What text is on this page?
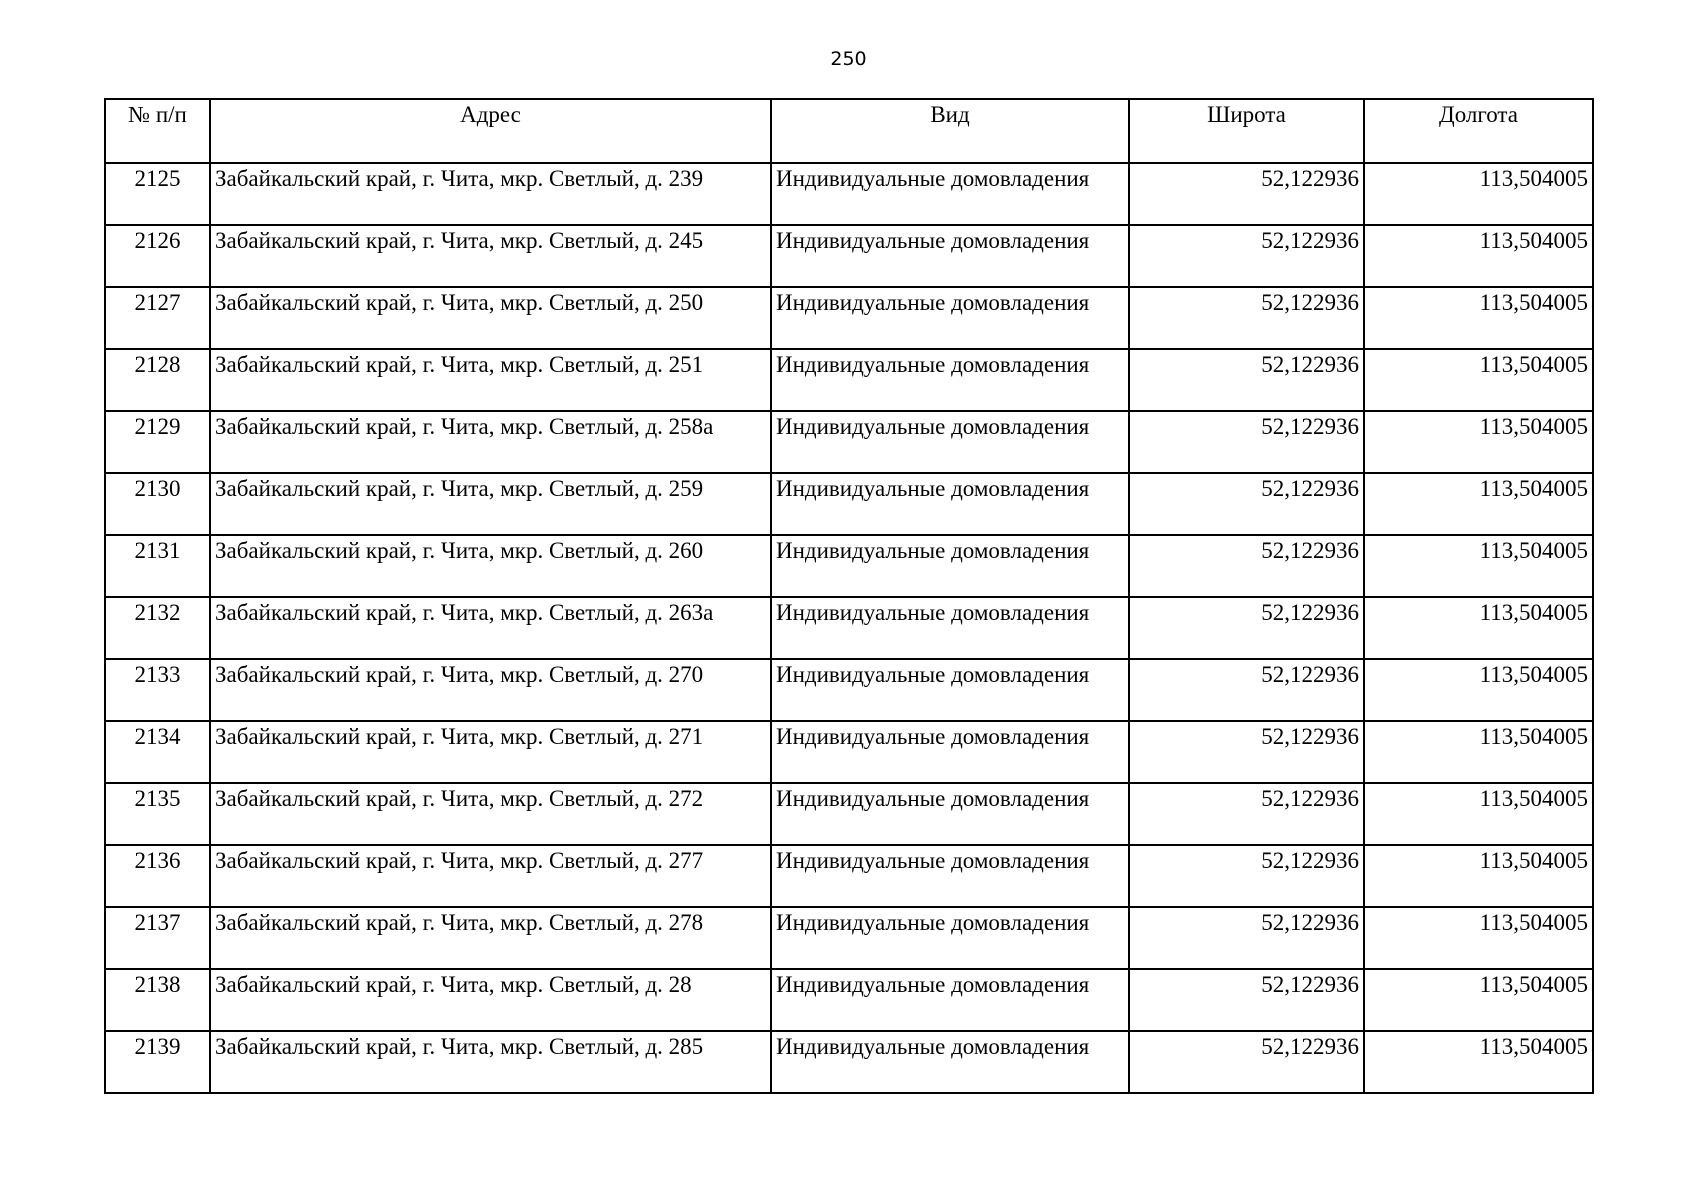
250
№ п/п	Адрес	Вид	Широта	Долгота
2125	Забайкальский край, г. Чита, мкр. Светлый, д. 239	Индивидуальные домовладения	52,122936	113,504005
2126	Забайкальский край, г. Чита, мкр. Светлый, д. 245	Индивидуальные домовладения	52,122936	113,504005
2127	Забайкальский край, г. Чита, мкр. Светлый, д. 250	Индивидуальные домовладения	52,122936	113,504005
2128	Забайкальский край, г. Чита, мкр. Светлый, д. 251	Индивидуальные домовладения	52,122936	113,504005
2129	Забайкальский край, г. Чита, мкр. Светлый, д. 258а	Индивидуальные домовладения	52,122936	113,504005
2130	Забайкальский край, г. Чита, мкр. Светлый, д. 259	Индивидуальные домовладения	52,122936	113,504005
2131	Забайкальский край, г. Чита, мкр. Светлый, д. 260	Индивидуальные домовладения	52,122936	113,504005
2132	Забайкальский край, г. Чита, мкр. Светлый, д. 263а	Индивидуальные домовладения	52,122936	113,504005
2133	Забайкальский край, г. Чита, мкр. Светлый, д. 270	Индивидуальные домовладения	52,122936	113,504005
2134	Забайкальский край, г. Чита, мкр. Светлый, д. 271	Индивидуальные домовладения	52,122936	113,504005
2135	Забайкальский край, г. Чита, мкр. Светлый, д. 272	Индивидуальные домовладения	52,122936	113,504005
2136	Забайкальский край, г. Чита, мкр. Светлый, д. 277	Индивидуальные домовладения	52,122936	113,504005
2137	Забайкальский край, г. Чита, мкр. Светлый, д. 278	Индивидуальные домовладения	52,122936	113,504005
2138	Забайкальский край, г. Чита, мкр. Светлый, д. 28	Индивидуальные домовладения	52,122936	113,504005
2139	Забайкальский край, г. Чита, мкр. Светлый, д. 285	Индивидуальные домовладения	52,122936	113,504005
